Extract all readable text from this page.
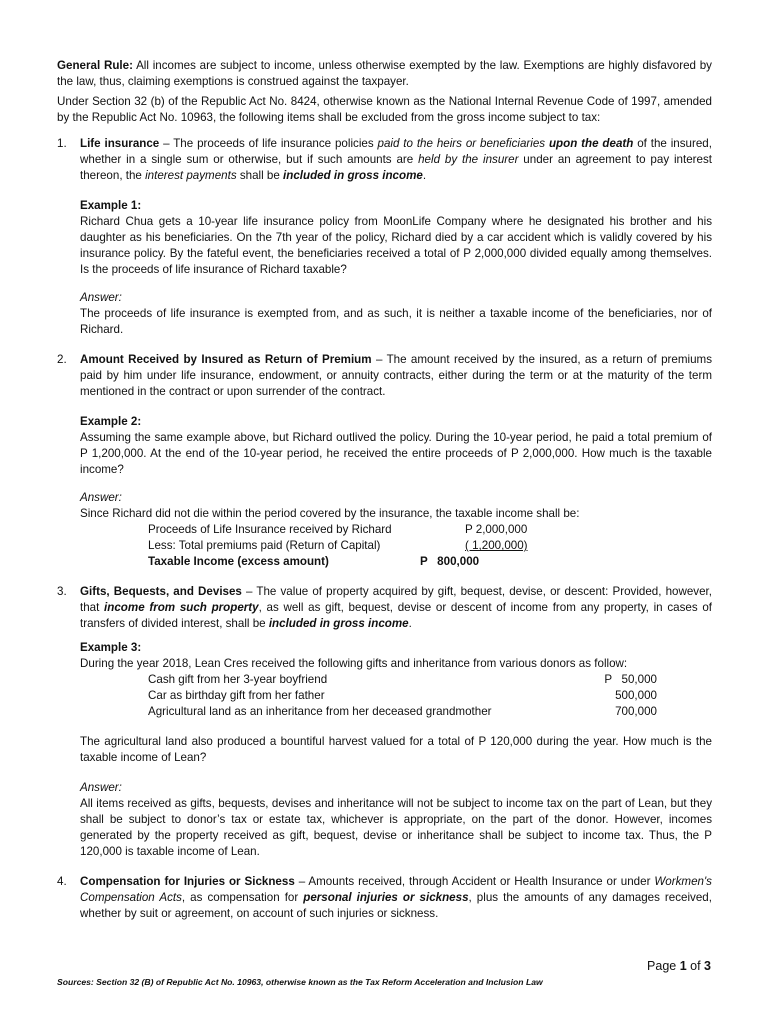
General Rule: All incomes are subject to income, unless otherwise exempted by the law. Exemptions are highly disfavored by the law, thus, claiming exemptions is construed against the taxpayer.

Under Section 32 (b) of the Republic Act No. 8424, otherwise known as the National Internal Revenue Code of 1997, amended by the Republic Act No. 10963, the following items shall be excluded from the gross income subject to tax:

1. Life insurance – The proceeds of life insurance policies paid to the heirs or beneficiaries upon the death of the insured, whether in a single sum or otherwise, but if such amounts are held by the insurer under an agreement to pay interest thereon, the interest payments shall be included in gross income.

Example 1:

Richard Chua gets a 10-year life insurance policy from MoonLife Company where he designated his brother and his daughter as his beneficiaries. On the 7th year of the policy, Richard died by a car accident which is validly covered by his insurance policy. By the fateful event, the beneficiaries received a total of P 2,000,000 divided equally among themselves. Is the proceeds of life insurance of Richard taxable?

Answer:

The proceeds of life insurance is exempted from, and as such, it is neither a taxable income of the beneficiaries, nor of Richard.

2. Amount Received by Insured as Return of Premium – The amount received by the insured, as a return of premiums paid by him under life insurance, endowment, or annuity contracts, either during the term or at the maturity of the term mentioned in the contract or upon surrender of the contract.

Example 2:

Assuming the same example above, but Richard outlived the policy. During the 10-year period, he paid a total premium of P 1,200,000. At the end of the 10-year period, he received the entire proceeds of P 2,000,000. How much is the taxable income?

Answer:

Since Richard did not die within the period covered by the insurance, the taxable income shall be:

Proceeds of Life Insurance received by Richard	P 2,000,000
Less: Total premiums paid (Return of Capital)	( 1,200,000)
Taxable Income (excess amount)	P   800,000
3. Gifts, Bequests, and Devises – The value of property acquired by gift, bequest, devise, or descent: Provided, however, that income from such property, as well as gift, bequest, devise or descent of income from any property, in cases of transfers of divided interest, shall be included in gross income.

Example 3:

During the year 2018, Lean Cres received the following gifts and inheritance from various donors as follow:

Cash gift from her 3-year boyfriend	P   50,000
Car as birthday gift from her father	500,000
Agricultural land as an inheritance from her deceased grandmother	700,000

The agricultural land also produced a bountiful harvest valued for a total of P 120,000 during the year. How much is the taxable income of Lean?

Answer:

All items received as gifts, bequests, devises and inheritance will not be subject to income tax on the part of Lean, but they shall be subject to donor’s tax or estate tax, whichever is appropriate, on the part of the donor. However, incomes generated by the property received as gift, bequest, devise or inheritance shall be subject to income tax. Thus, the P 120,000 is taxable income of Lean.

4. Compensation for Injuries or Sickness – Amounts received, through Accident or Health Insurance or under Workmen's Compensation Acts, as compensation for personal injuries or sickness, plus the amounts of any damages received, whether by suit or agreement, on account of such injuries or sickness.

Page 1 of 3
Sources: Section 32 (B) of Republic Act No. 10963, otherwise known as the Tax Reform Acceleration and Inclusion Law
